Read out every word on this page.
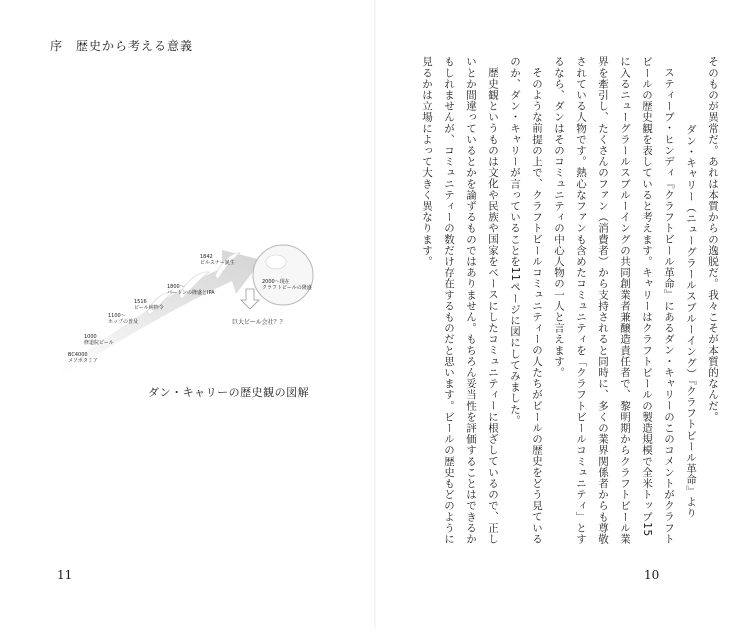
序　歴史から考える意義
巨大ビール会社？？
BC4000
メソポタミア
1000
修道院ビール
1100～
ホップの普及
1516
ビール純粋令
1800～
バートンの隆盛とIPA
1842
ピルスナー誕生
2000～現在
クラフトビールの隆盛
ダン・キャリーの歴史観の図解
11

そのものが異常だ。あれは本質からの逸脱だ。我々こそが本質的なんだ。

ダン・キャリー（ニューグラールスブルーイング）『クラフトビール革命』より

スティーブ・ヒンディ『クラフトビール革命』にあるダン・キャリーのこのコメントがクラフトビールの歴史観を表していると考えます。キャリーはクラフトビールの製造規模で全米トップ15に入るニューグラールスブルーイングの共同創業者兼醸造責任者で、黎明期からクラフトビール業界を牽引し、たくさんのファン（消費者）から支持されると同時に、多くの業界関係者からも尊敬されている人物です。熱心なファンも含めたコミュニティを「クラフトビールコミュニティ」とするなら、ダンはそのコミュニティの中心人物の一人と言えます。

そのような前提の上で、クラフトビールコミュニティーの人たちがビールの歴史をどう見ているのか、ダン・キャリーが言っていることを11ページに図にしてみました。

歴史観というものは文化や民族や国家をベースにしたコミュニティーに根ざしているので、正しいとか間違っているとかを論ずるものではありません。もちろん妥当性を評価することはできるかもしれませんが、コミュニティーの数だけ存在するものだと思います。ビールの歴史もどのように見るかは立場によって大きく異なります。

10
